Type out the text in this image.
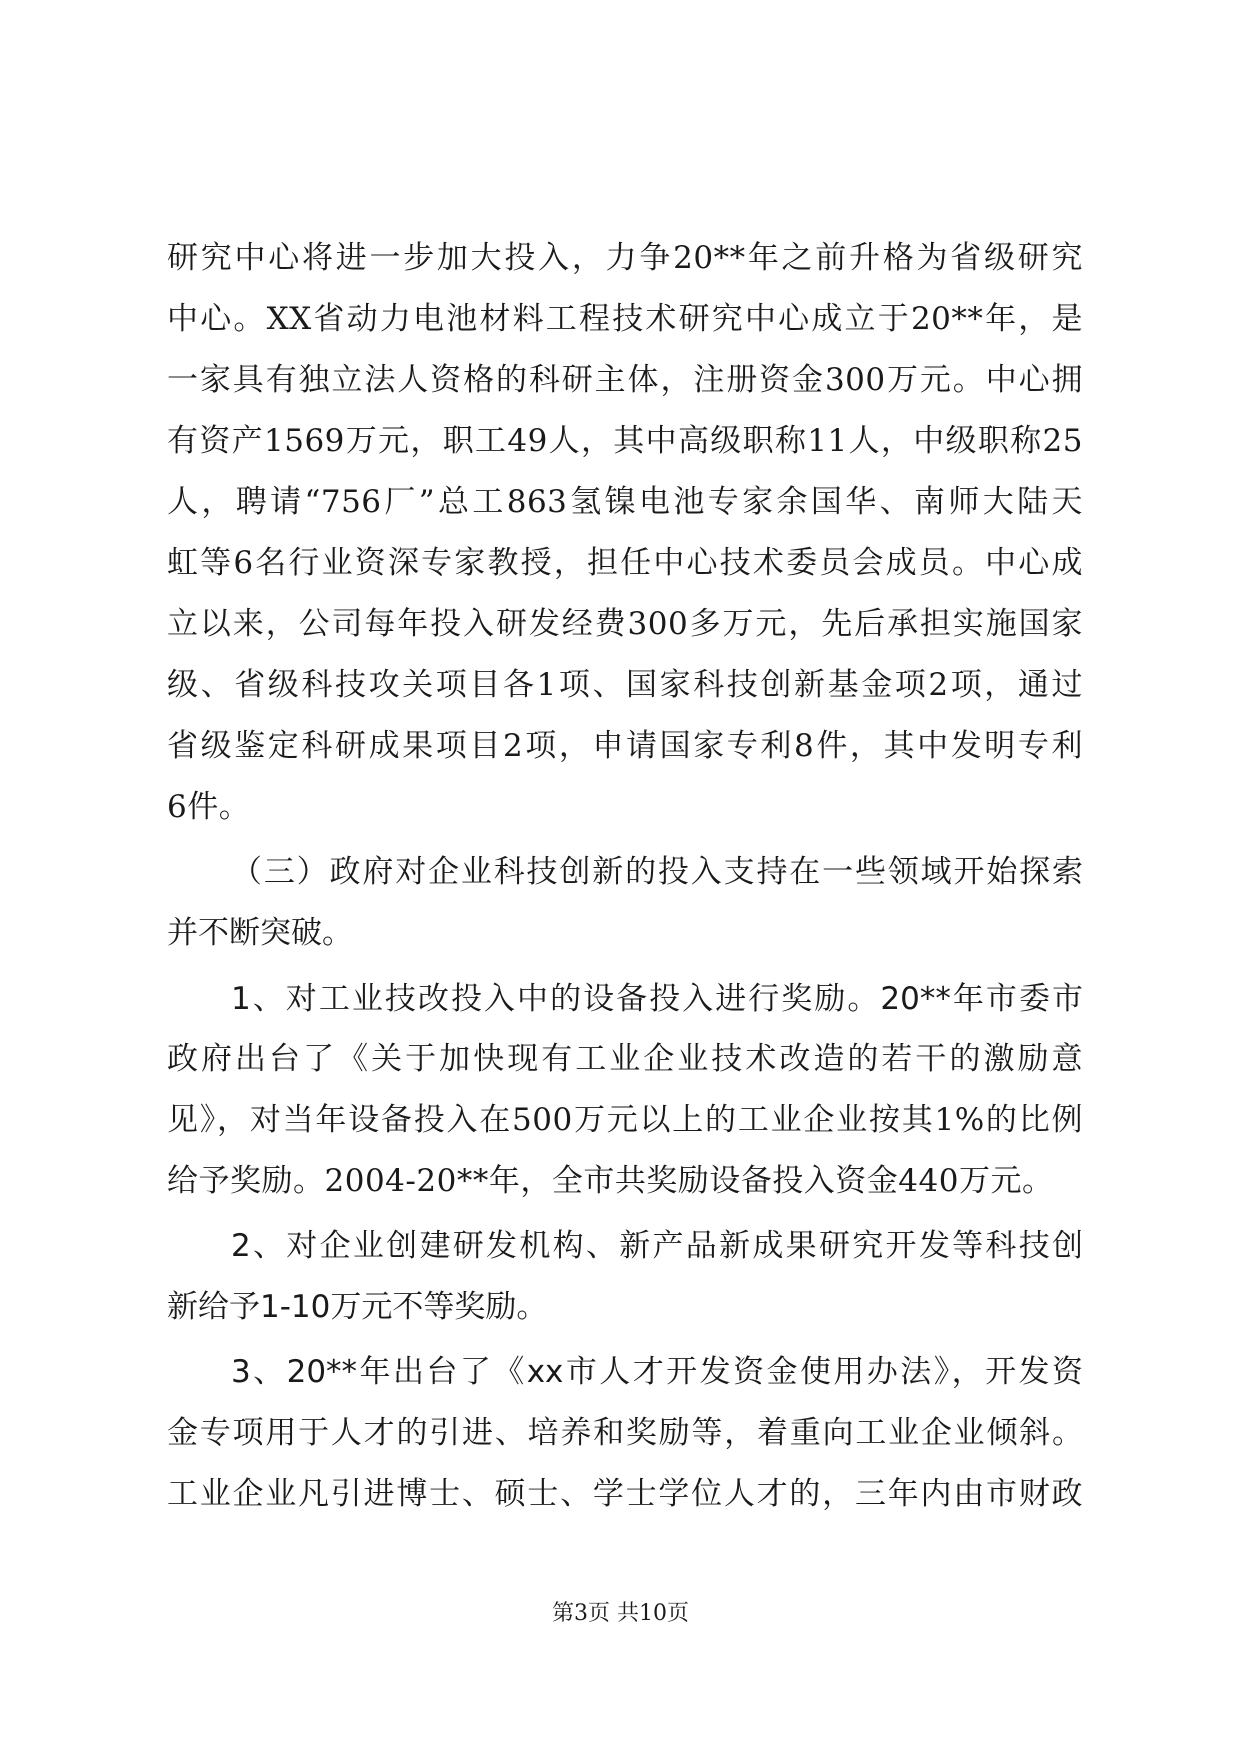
研究中心将进一步加大投入，力争20**年之前升格为省级研究
中心。XX省动力电池材料工程技术研究中心成立于20**年，是
一家具有独立法人资格的科研主体，注册资金300万元。中心拥
有资产1569万元，职工49人，其中高级职称11人，中级职称25
人，聘请“756厂”总工863氢镍电池专家余国华、南师大陆天
虹等6名行业资深专家教授，担任中心技术委员会成员。中心成
立以来，公司每年投入研发经费300多万元，先后承担实施国家
级、省级科技攻关项目各1项、国家科技创新基金项2项，通过
省级鉴定科研成果项目2项，申请国家专利8件，其中发明专利
6件。
（三）政府对企业科技创新的投入支持在一些领域开始探索
并不断突破。
1、对工业技改投入中的设备投入进行奖励。20**年市委市
政府出台了《关于加快现有工业企业技术改造的若干的激励意
见》，对当年设备投入在500万元以上的工业企业按其1%的比例
给予奖励。2004-20**年，全市共奖励设备投入资金440万元。
2、对企业创建研发机构、新产品新成果研究开发等科技创
新给予1-10万元不等奖励。
3、20**年出台了《xx市人才开发资金使用办法》，开发资
金专项用于人才的引进、培养和奖励等，着重向工业企业倾斜。
工业企业凡引进博士、硕士、学士学位人才的，三年内由市财政
第3页 共10页
